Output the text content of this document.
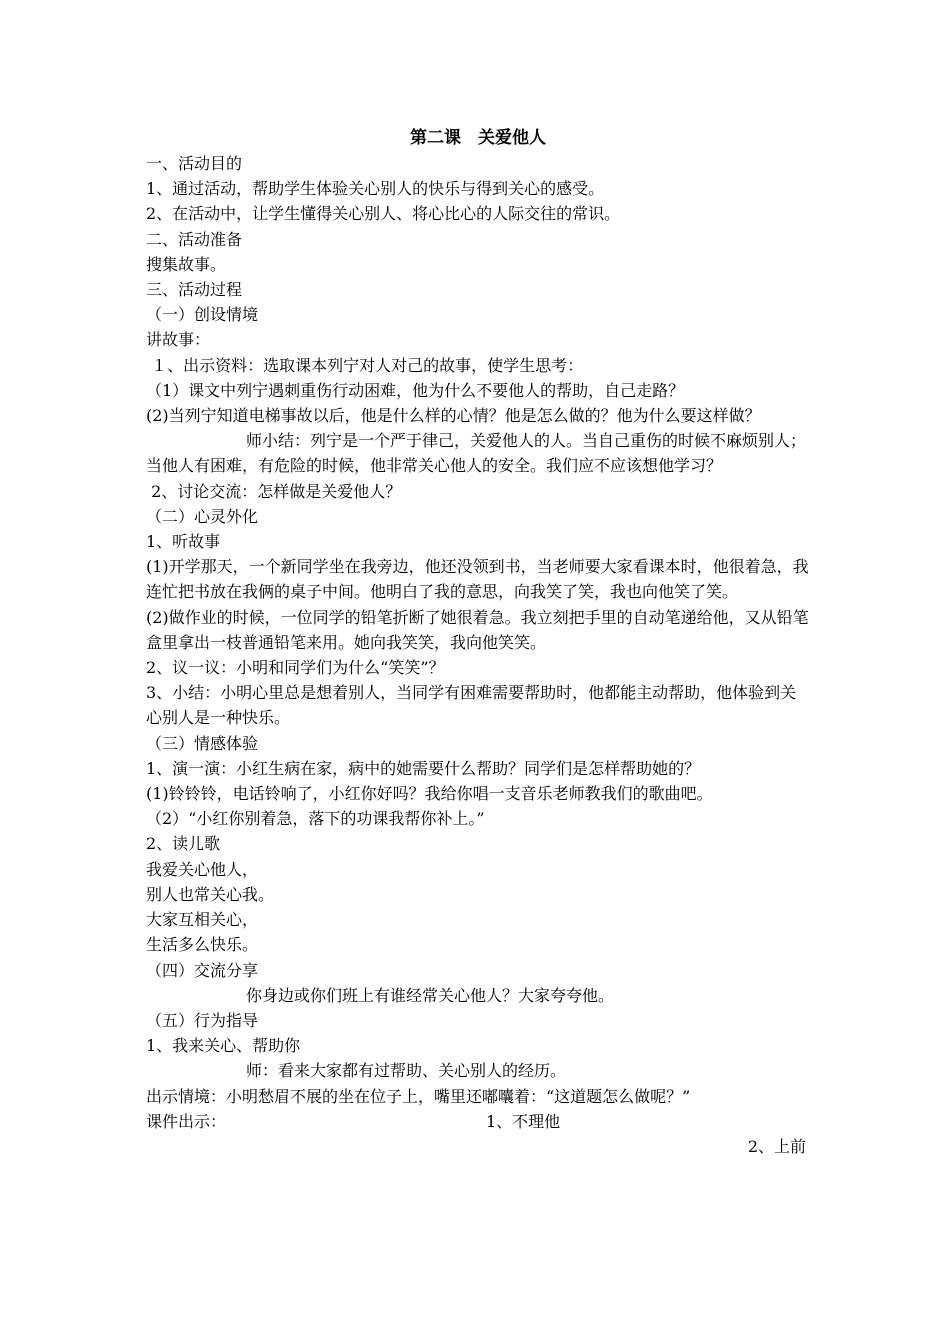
第二课　关爱他人

一、活动目的

1、通过活动，帮助学生体验关心别人的快乐与得到关心的感受。

2、在活动中，让学生懂得关心别人、将心比心的人际交往的常识。

二、活动准备

搜集故事。

三、活动过程

（一）创设情境

讲故事：

１、出示资料：选取课本列宁对人对己的故事，使学生思考：

（1）课文中列宁遇刺重伤行动困难，他为什么不要他人的帮助，自己走路？

(2)当列宁知道电梯事故以后，他是什么样的心情？他是怎么做的？他为什么要这样做？

师小结：列宁是一个严于律己，关爱他人的人。当自己重伤的时候不麻烦别人；当他人有困难，有危险的时候，他非常关心他人的安全。我们应不应该想他学习？

2、讨论交流：怎样做是关爱他人？

（二）心灵外化

1、听故事

(1)开学那天，一个新同学坐在我旁边，他还没领到书，当老师要大家看课本时，他很着急，我连忙把书放在我俩的桌子中间。他明白了我的意思，向我笑了笑，我也向他笑了笑。

(2)做作业的时候，一位同学的铅笔折断了她很着急。我立刻把手里的自动笔递给他，又从铅笔盒里拿出一枝普通铅笔来用。她向我笑笑，我向他笑笑。

2、议一议：小明和同学们为什么“笑笑”？

3、小结：小明心里总是想着别人，当同学有困难需要帮助时，他都能主动帮助，他体验到关心别人是一种快乐。

（三）情感体验

1、演一演：小红生病在家，病中的她需要什么帮助？同学们是怎样帮助她的？

(1)铃铃铃，电话铃响了，小红你好吗？我给你唱一支音乐老师教我们的歌曲吧。

（2）“小红你别着急，落下的功课我帮你补上。”

2、读儿歌

我爱关心他人，

别人也常关心我。

大家互相关心，

生活多么快乐。

（四）交流分享

你身边或你们班上有谁经常关心他人？大家夸夸他。

（五）行为指导

1、我来关心、帮助你

师：看来大家都有过帮助、关心别人的经历。

出示情境：小明愁眉不展的坐在位子上，嘴里还嘟囔着：“这道题怎么做呢？”

课件出示：	1、不理他
2、上前
